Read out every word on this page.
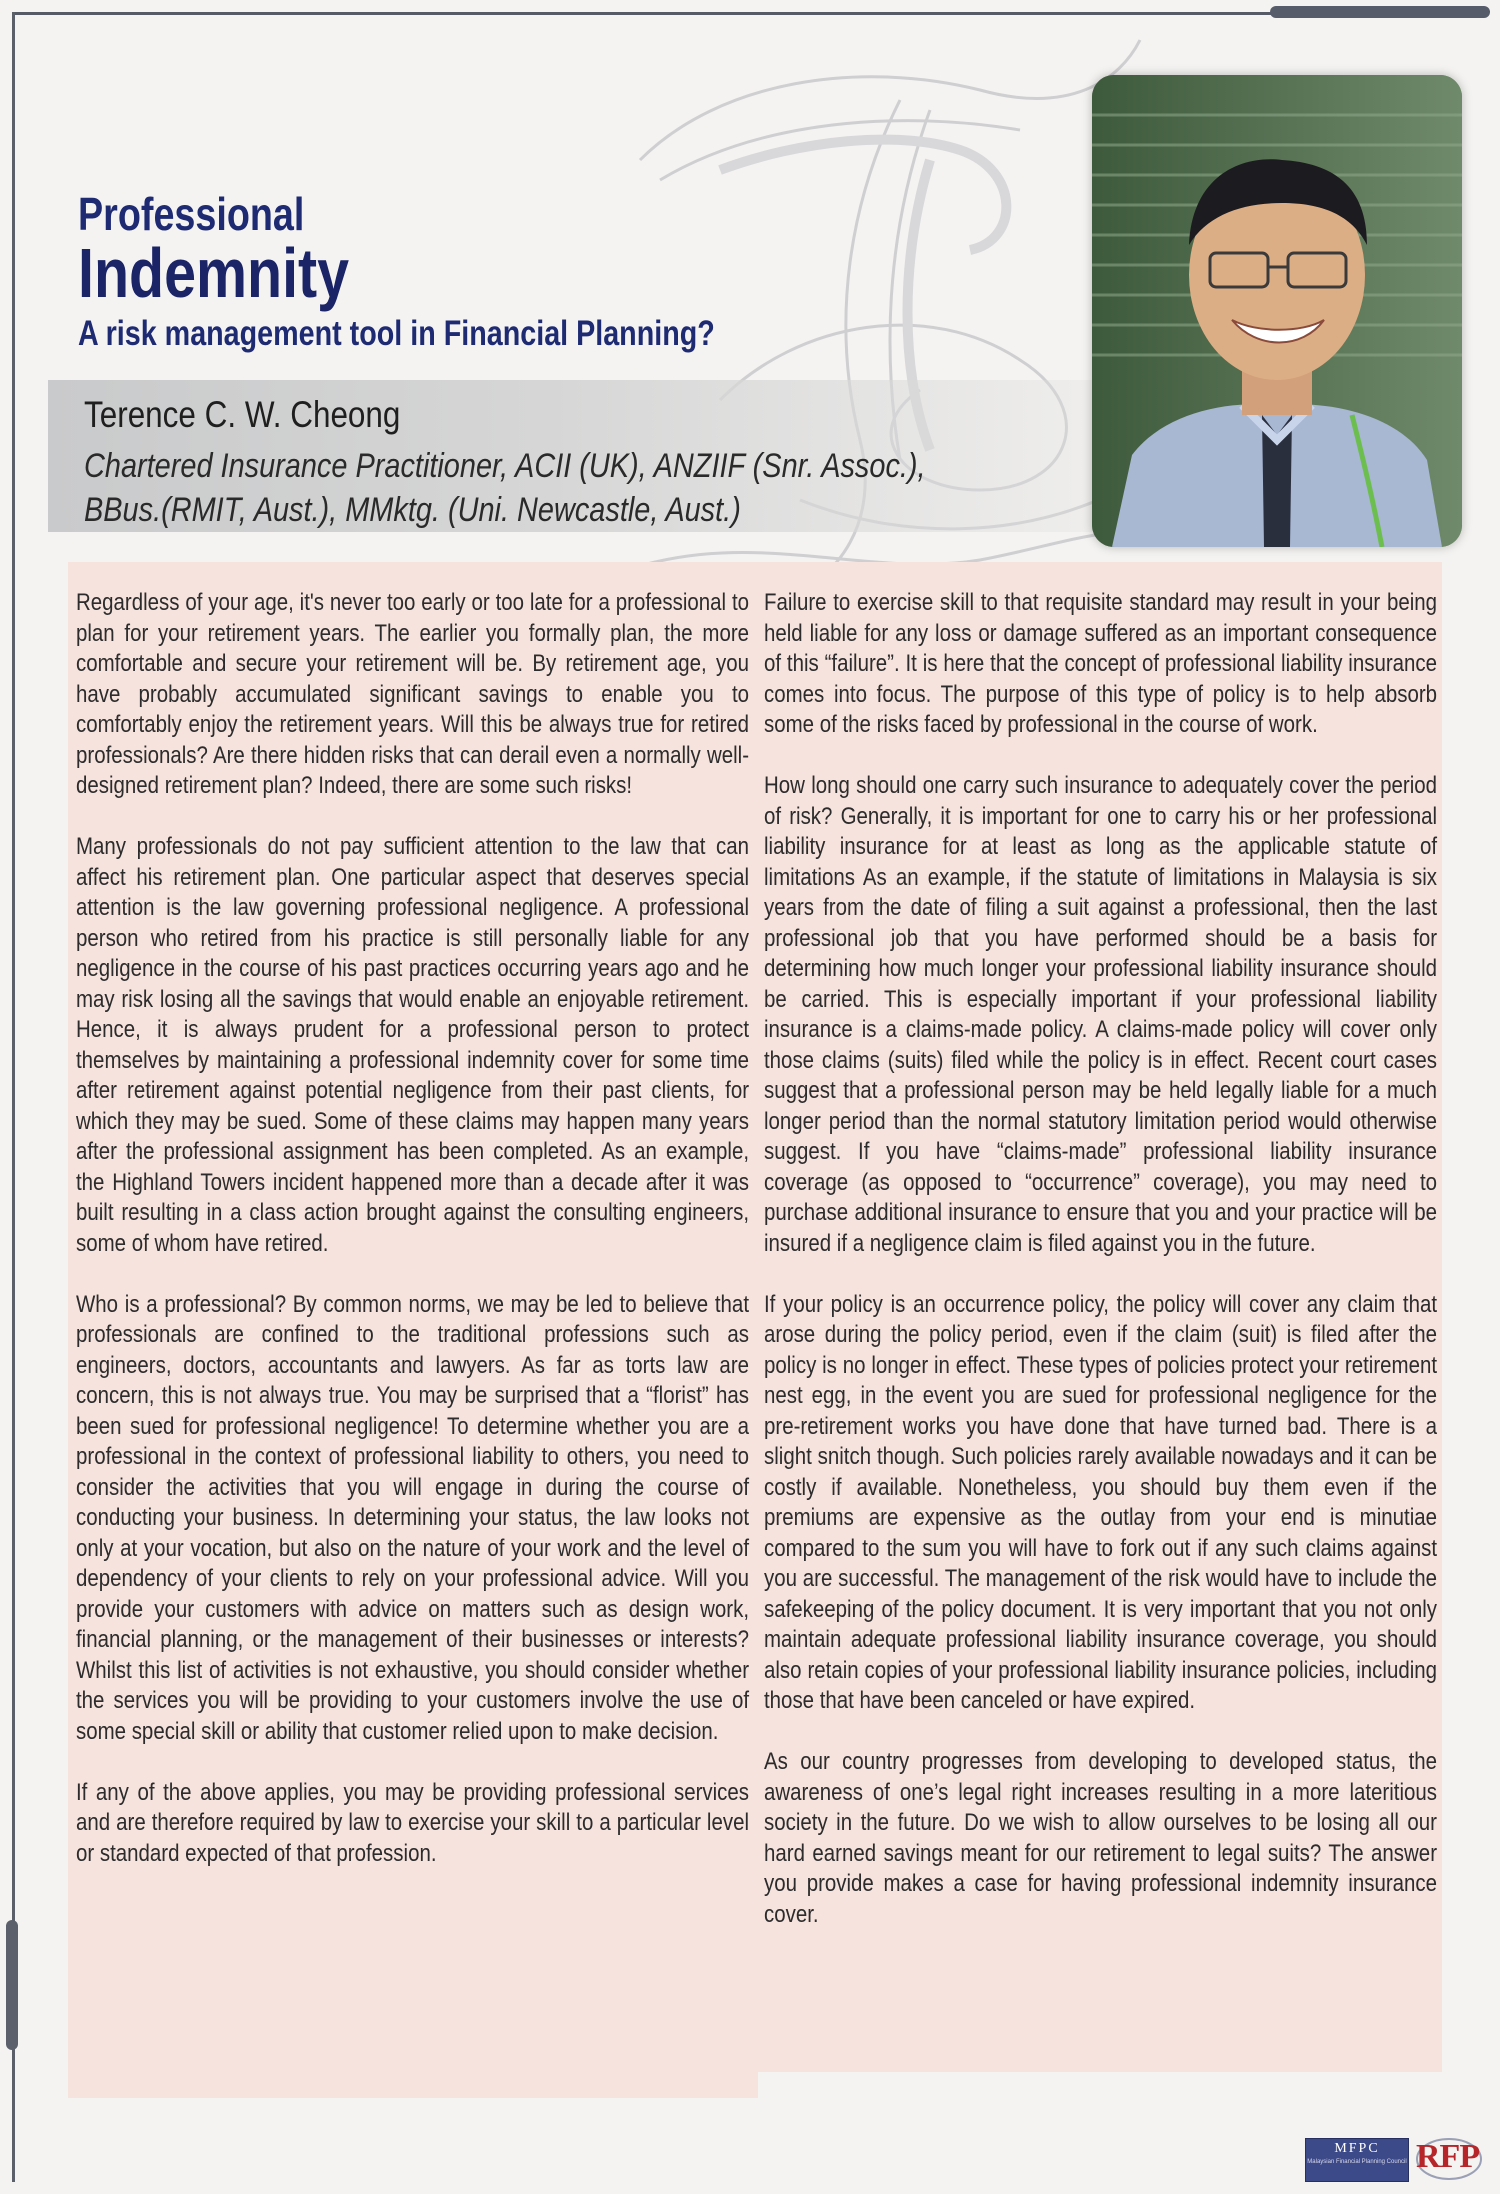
Professional
Indemnity
A risk management tool in Financial Planning?
Terence C. W. Cheong
Chartered Insurance Practitioner, ACII (UK), ANZIIF (Snr. Assoc.),
BBus.(RMIT, Aust.), MMktg. (Uni. Newcastle, Aust.)

Regardless of your age, it's never too early or too late for a professional to plan for your retirement years. The earlier you formally plan, the more comfortable and secure your retirement will be. By retirement age, you have probably accumulated significant savings to enable you to comfortably enjoy the retirement years. Will this be always true for retired professionals? Are there hidden risks that can derail even a normally well-designed retirement plan? Indeed, there are some such risks!

Many professionals do not pay sufficient attention to the law that can affect his retirement plan. One particular aspect that deserves special attention is the law governing professional negligence. A professional person who retired from his practice is still personally liable for any negligence in the course of his past practices occurring years ago and he may risk losing all the savings that would enable an enjoyable retirement. Hence, it is always prudent for a professional person to protect themselves by maintaining a professional indemnity cover for some time after retirement against potential negligence from their past clients, for which they may be sued. Some of these claims may happen many years after the professional assignment has been completed. As an example, the Highland Towers incident happened more than a decade after it was built resulting in a class action brought against the consulting engineers, some of whom have retired.

Who is a professional? By common norms, we may be led to believe that professionals are confined to the traditional professions such as engineers, doctors, accountants and lawyers. As far as torts law are concern, this is not always true. You may be surprised that a “florist” has been sued for professional negligence! To determine whether you are a professional in the context of professional liability to others, you need to consider the activities that you will engage in during the course of conducting your business. In determining your status, the law looks not only at your vocation, but also on the nature of your work and the level of dependency of your clients to rely on your professional advice. Will you provide your customers with advice on matters such as design work, financial planning, or the management of their businesses or interests? Whilst this list of activities is not exhaustive, you should consider whether the services you will be providing to your customers involve the use of some special skill or ability that customer relied upon to make decision.

If any of the above applies, you may be providing professional services and are therefore required by law to exercise your skill to a particular level or standard expected of that profession.

Failure to exercise skill to that requisite standard may result in your being held liable for any loss or damage suffered as an important consequence of this “failure”. It is here that the concept of professional liability insurance comes into focus. The purpose of this type of policy is to help absorb some of the risks faced by professional in the course of work.

How long should one carry such insurance to adequately cover the period of risk? Generally, it is important for one to carry his or her professional liability insurance for at least as long as the applicable statute of limitations As an example, if the statute of limitations in Malaysia is six years from the date of filing a suit against a professional, then the last professional job that you have performed should be a basis for determining how much longer your professional liability insurance should be carried. This is especially important if your professional liability insurance is a claims-made policy. A claims-made policy will cover only those claims (suits) filed while the policy is in effect. Recent court cases suggest that a professional person may be held legally liable for a much longer period than the normal statutory limitation period would otherwise suggest. If you have “claims-made” professional liability insurance coverage (as opposed to “occurrence” coverage), you may need to purchase additional insurance to ensure that you and your practice will be insured if a negligence claim is filed against you in the future.

If your policy is an occurrence policy, the policy will cover any claim that arose during the policy period, even if the claim (suit) is filed after the policy is no longer in effect. These types of policies protect your retirement nest egg, in the event you are sued for professional negligence for the pre-retirement works you have done that have turned bad. There is a slight snitch though. Such policies rarely available nowadays and it can be costly if available. Nonetheless, you should buy them even if the premiums are expensive as the outlay from your end is minutiae compared to the sum you will have to fork out if any such claims against you are successful. The management of the risk would have to include the safekeeping of the policy document. It is very important that you not only maintain adequate professional liability insurance coverage, you should also retain copies of your professional liability insurance policies, including those that have been canceled or have expired.

As our country progresses from developing to developed status, the awareness of one’s legal right increases resulting in a more lateritious society in the future. Do we wish to allow ourselves to be losing all our hard earned savings meant for our retirement to legal suits? The answer you provide makes a case for having professional indemnity insurance cover.

MFPC
Malaysian Financial Planning Council RFP
